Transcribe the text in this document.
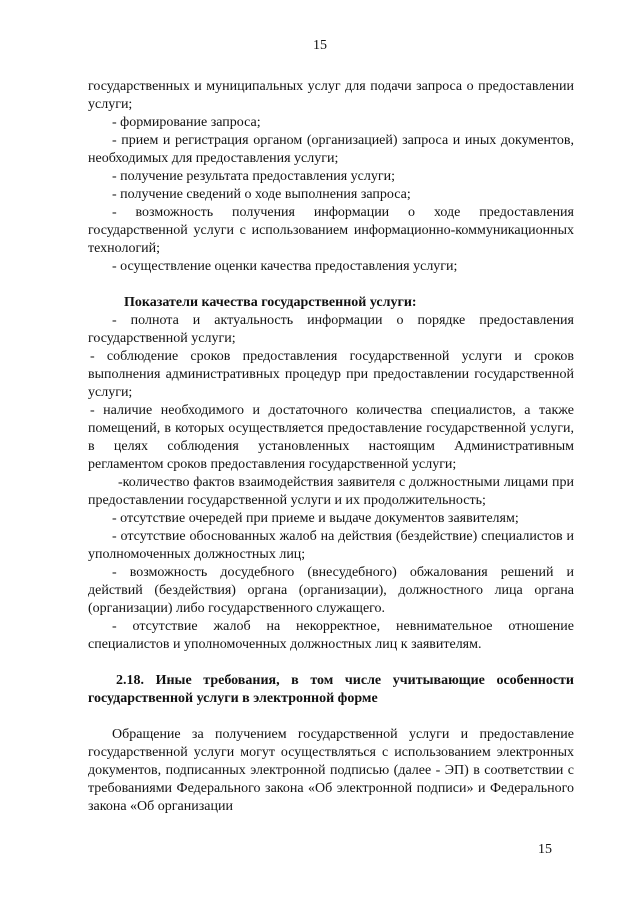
15

государственных и муниципальных услуг для подачи запроса о предоставлении услуги;

- формирование запроса;

- прием и регистрация органом (организацией) запроса и иных документов, необходимых для предоставления услуги;

- получение результата предоставления услуги;

- получение сведений о ходе выполнения запроса;

- возможность получения информации о ходе предоставления государственной услуги с использованием информационно-коммуникационных технологий;

- осуществление оценки качества предоставления услуги;

Показатели качества государственной услуги:

- полнота и актуальность информации о порядке предоставления государственной услуги;

- соблюдение сроков предоставления государственной услуги и сроков выполнения административных процедур при предоставлении государственной услуги;

- наличие необходимого и достаточного количества специалистов, а также помещений, в которых осуществляется предоставление государственной услуги, в целях соблюдения установленных настоящим Административным регламентом сроков предоставления государственной услуги;

-количество фактов взаимодействия заявителя с должностными лицами при предоставлении государственной услуги и их продолжительность;

- отсутствие очередей при приеме и выдаче документов заявителям;

- отсутствие обоснованных жалоб на действия (бездействие) специалистов и уполномоченных должностных лиц;

- возможность досудебного (внесудебного) обжалования решений и действий (бездействия) органа (организации), должностного лица органа (организации) либо государственного служащего.

- отсутствие жалоб на некорректное, невнимательное отношение специалистов и уполномоченных должностных лиц к заявителям.

2.18. Иные требования, в том числе учитывающие особенности государственной услуги в электронной форме

Обращение за получением государственной услуги и предоставление государственной услуги могут осуществляться с использованием электронных документов, подписанных электронной подписью (далее - ЭП) в соответствии с требованиями Федерального закона «Об электронной подписи» и Федерального закона «Об организации

15
